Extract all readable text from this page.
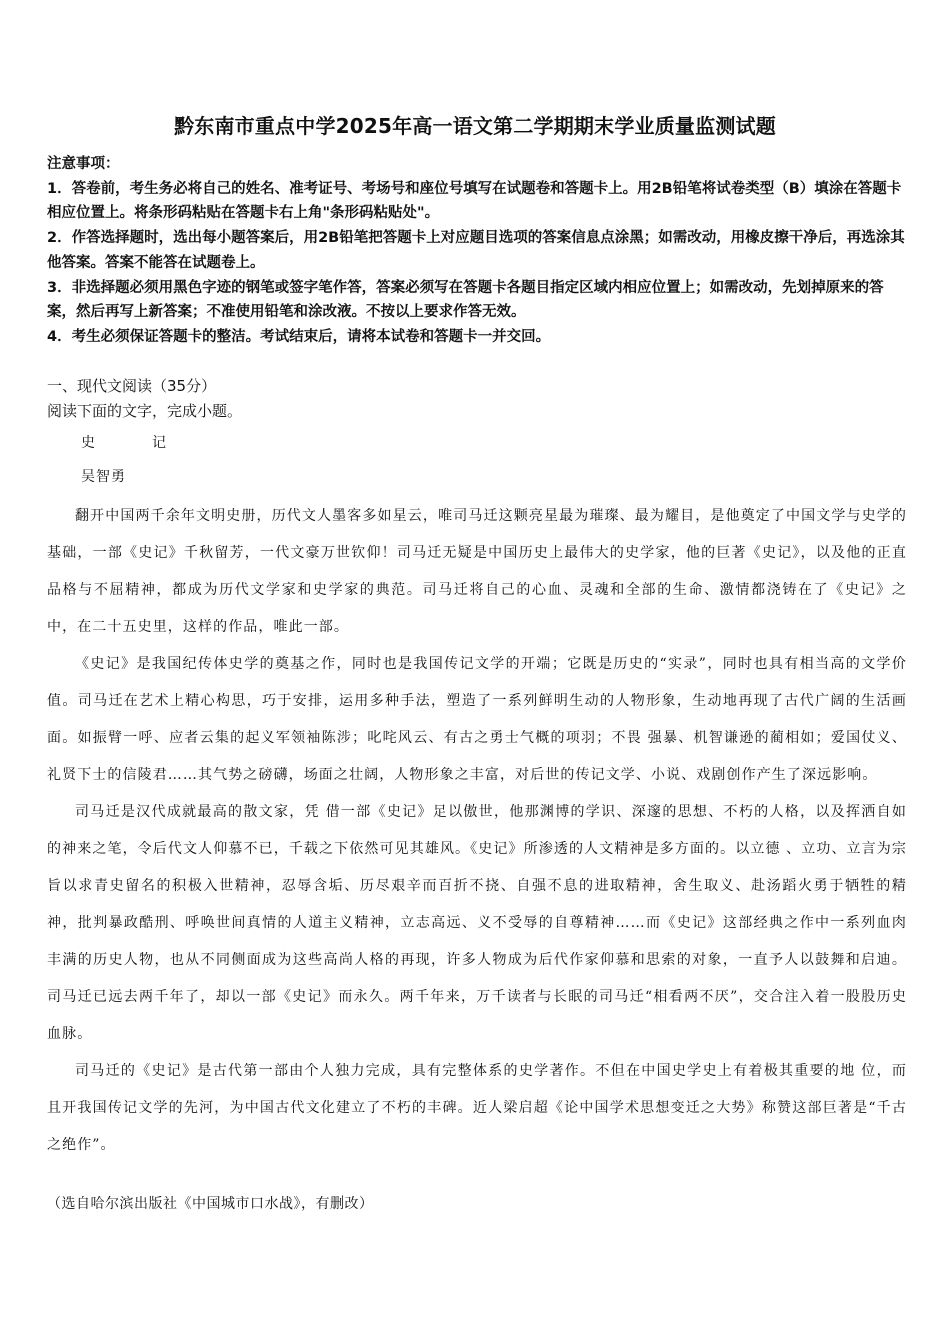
黔东南市重点中学2025年高一语文第二学期期末学业质量监测试题

注意事项：

1．答卷前，考生务必将自己的姓名、准考证号、考场号和座位号填写在试题卷和答题卡上。用2B铅笔将试卷类型（B）填涂在答题卡相应位置上。将条形码粘贴在答题卡右上角"条形码粘贴处"。

2．作答选择题时，选出每小题答案后，用2B铅笔把答题卡上对应题目选项的答案信息点涂黑；如需改动，用橡皮擦干净后，再选涂其他答案。答案不能答在试题卷上。

3．非选择题必须用黑色字迹的钢笔或签字笔作答，答案必须写在答题卡各题目指定区域内相应位置上；如需改动，先划掉原来的答案，然后再写上新答案；不准使用铅笔和涂改液。不按以上要求作答无效。

4．考生必须保证答题卡的整洁。考试结束后，请将本试卷和答题卡一并交回。

一、现代文阅读（35分）
阅读下面的文字，完成小题。
史	记
吴智勇

翻开中国两千余年文明史册，历代文人墨客多如星云，唯司马迁这颗亮星最为璀璨、最为耀目，是他奠定了中国文学与史学的基础，一部《史记》千秋留芳，一代文豪万世钦仰！司马迁无疑是中国历史上最伟大的史学家，他的巨著《史记》，以及他的正直品格与不屈精神，都成为历代文学家和史学家的典范。司马迁将自己的心血、灵魂和全部的生命、激情都浇铸在了《史记》之中，在二十五史里，这样的作品，唯此一部。

《史记》是我国纪传体史学的奠基之作，同时也是我国传记文学的开端；它既是历史的“实录”，同时也具有相当高的文学价值。司马迁在艺术上精心构思，巧于安排，运用多种手法，塑造了一系列鲜明生动的人物形象，生动地再现了古代广阔的生活画面。如振臂一呼、应者云集的起义军领袖陈涉；叱咤风云、有古之勇士气概的项羽；不畏 强暴、机智谦逊的蔺相如；爱国仗义、礼贤下士的信陵君……其气势之磅礴，场面之壮阔，人物形象之丰富，对后世的传记文学、小说、戏剧创作产生了深远影响。

司马迁是汉代成就最高的散文家，凭 借一部《史记》足以傲世，他那渊博的学识、深邃的思想、不朽的人格，以及挥洒自如的神来之笔，令后代文人仰慕不已，千载之下依然可见其雄风。《史记》所渗透的人文精神是多方面的。以立德 、立功、立言为宗旨以求青史留名的积极入世精神，忍辱含垢、历尽艰辛而百折不挠、自强不息的进取精神，舍生取义、赴汤蹈火勇于牺牲的精神，批判暴政酷刑、呼唤世间真情的人道主义精神，立志高远、义不受辱的自尊精神……而《史记》这部经典之作中一系列血肉丰满的历史人物，也从不同侧面成为这些高尚人格的再现，许多人物成为后代作家仰慕和思索的对象，一直予人以鼓舞和启迪。司马迁已远去两千年了，却以一部《史记》而永久。两千年来，万千读者与长眠的司马迁“相看两不厌”，交合注入着一股股历史血脉。

司马迁的《史记》是古代第一部由个人独力完成，具有完整体系的史学著作。不但在中国史学史上有着极其重要的地 位，而且开我国传记文学的先河，为中国古代文化建立了不朽的丰碑。近人梁启超《论中国学术思想变迁之大势》称赞这部巨著是“千古之绝作”。

（选自哈尔滨出版社《中国城市口水战》，有删改）
